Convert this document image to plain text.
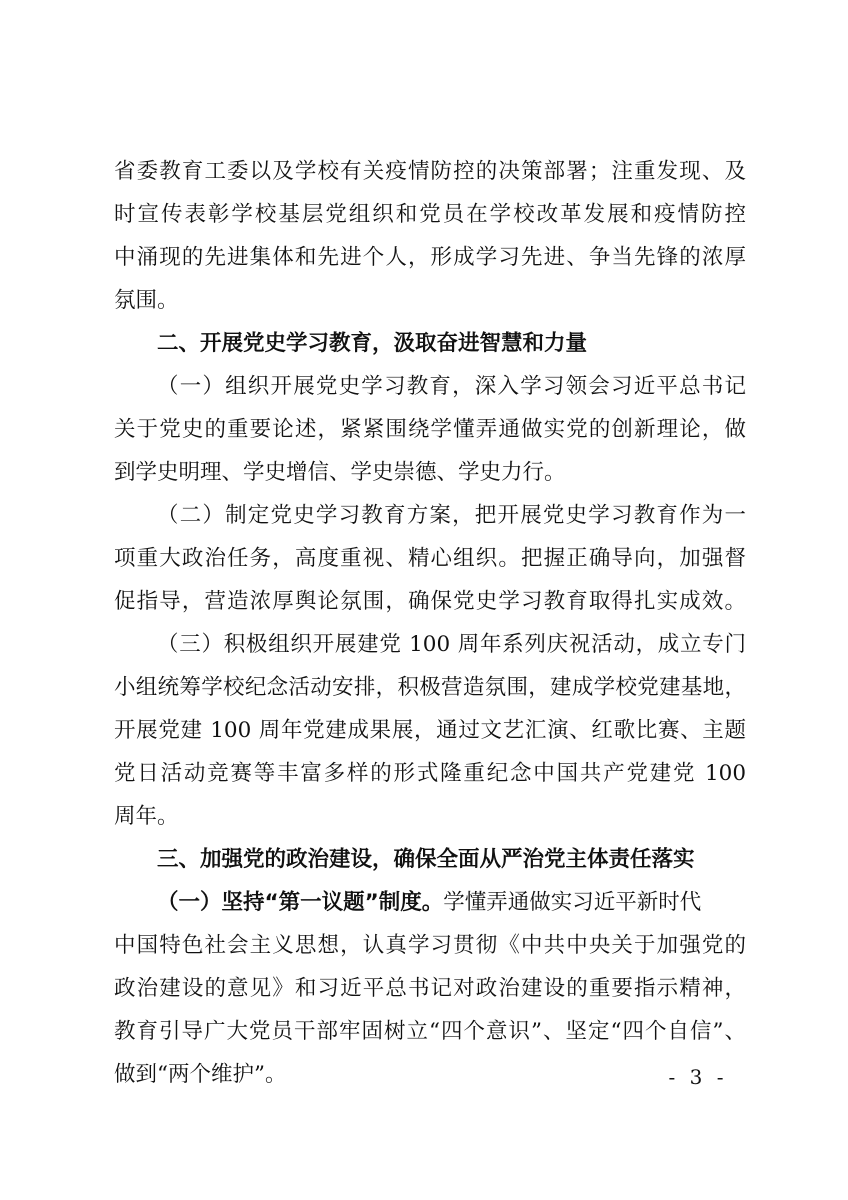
省委教育工委以及学校有关疫情防控的决策部署；注重发现、及
时宣传表彰学校基层党组织和党员在学校改革发展和疫情防控
中涌现的先进集体和先进个人，形成学习先进、争当先锋的浓厚
氛围。
二、开展党史学习教育，汲取奋进智慧和力量
（一）组织开展党史学习教育，深入学习领会习近平总书记
关于党史的重要论述，紧紧围绕学懂弄通做实党的创新理论，做
到学史明理、学史增信、学史崇德、学史力行。
（二）制定党史学习教育方案，把开展党史学习教育作为一
项重大政治任务，高度重视、精心组织。把握正确导向，加强督
促指导，营造浓厚舆论氛围，确保党史学习教育取得扎实成效。
（三）积极组织开展建党 100 周年系列庆祝活动，成立专门
小组统筹学校纪念活动安排，积极营造氛围，建成学校党建基地，
开展党建 100 周年党建成果展，通过文艺汇演、红歌比赛、主题
党日活动竞赛等丰富多样的形式隆重纪念中国共产党建党 100
周年。
三、加强党的政治建设，确保全面从严治党主体责任落实
（一）坚持“第一议题”制度。学懂弄通做实习近平新时代
中国特色社会主义思想，认真学习贯彻《中共中央关于加强党的
政治建设的意见》和习近平总书记对政治建设的重要指示精神，
教育引导广大党员干部牢固树立“四个意识”、坚定“四个自信”、
做到“两个维护”。	- 3 -
